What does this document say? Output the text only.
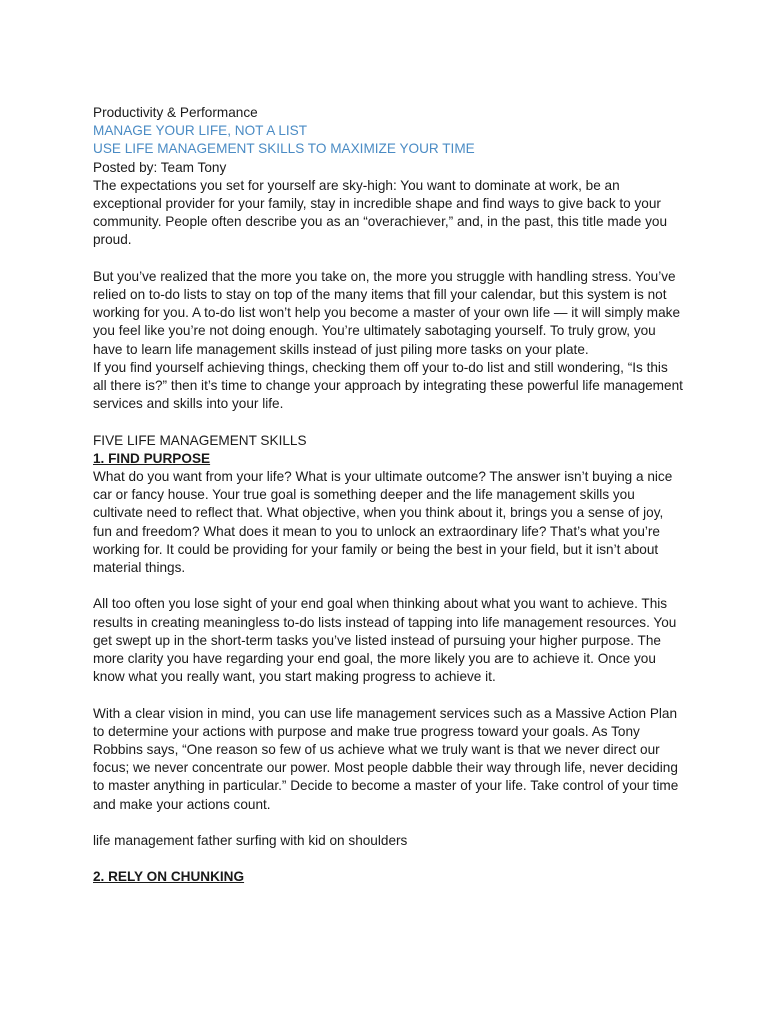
Productivity & Performance

MANAGE YOUR LIFE, NOT A LIST

USE LIFE MANAGEMENT SKILLS TO MAXIMIZE YOUR TIME

Posted by: Team Tony

The expectations you set for yourself are sky-high: You want to dominate at work, be an exceptional provider for your family, stay in incredible shape and find ways to give back to your community. People often describe you as an “overachiever,” and, in the past, this title made you proud.

But you’ve realized that the more you take on, the more you struggle with handling stress. You’ve relied on to-do lists to stay on top of the many items that fill your calendar, but this system is not working for you. A to-do list won’t help you become a master of your own life — it will simply make you feel like you’re not doing enough. You’re ultimately sabotaging yourself. To truly grow, you have to learn life management skills instead of just piling more tasks on your plate.

If you find yourself achieving things, checking them off your to-do list and still wondering, “Is this all there is?” then it’s time to change your approach by integrating these powerful life management services and skills into your life.

FIVE LIFE MANAGEMENT SKILLS

1. FIND PURPOSE

What do you want from your life? What is your ultimate outcome? The answer isn’t buying a nice car or fancy house. Your true goal is something deeper and the life management skills you cultivate need to reflect that. What objective, when you think about it, brings you a sense of joy, fun and freedom? What does it mean to you to unlock an extraordinary life? That’s what you’re working for. It could be providing for your family or being the best in your field, but it isn’t about material things.

All too often you lose sight of your end goal when thinking about what you want to achieve. This results in creating meaningless to-do lists instead of tapping into life management resources. You get swept up in the short-term tasks you’ve listed instead of pursuing your higher purpose. The more clarity you have regarding your end goal, the more likely you are to achieve it. Once you know what you really want, you start making progress to achieve it.

With a clear vision in mind, you can use life management services such as a Massive Action Plan to determine your actions with purpose and make true progress toward your goals. As Tony Robbins says, “One reason so few of us achieve what we truly want is that we never direct our focus; we never concentrate our power. Most people dabble their way through life, never deciding to master anything in particular.” Decide to become a master of your life. Take control of your time and make your actions count.

life management father surfing with kid on shoulders

2. RELY ON CHUNKING
